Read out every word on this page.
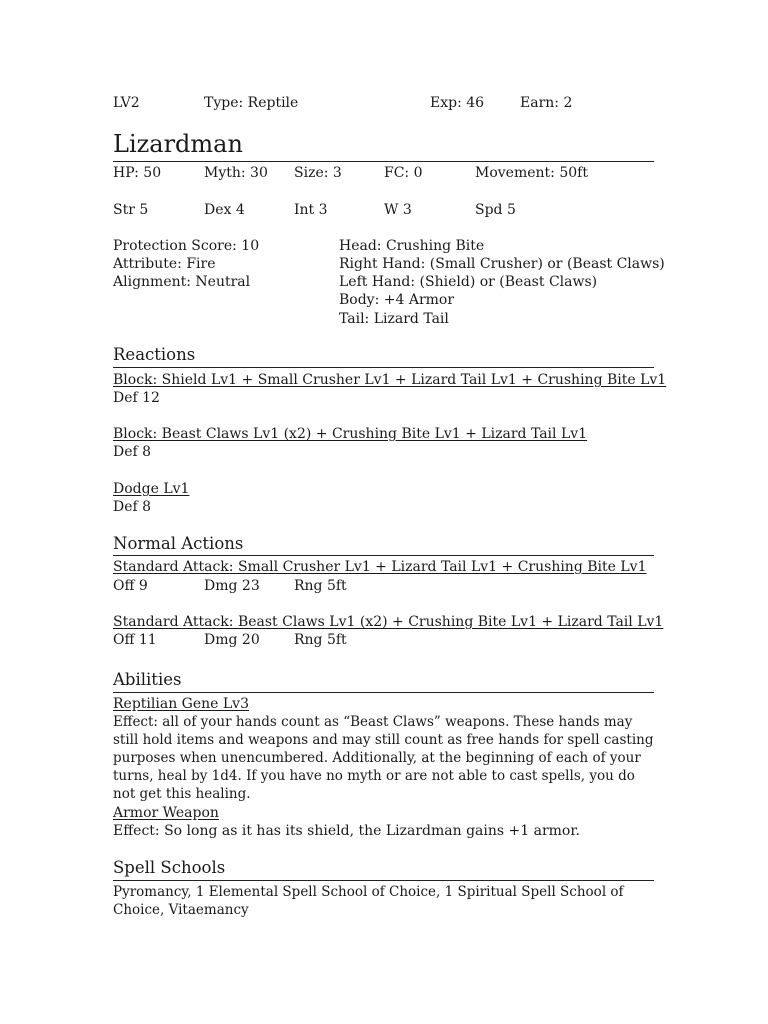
LV2	Type: Reptile	Exp: 46	Earn: 2
Lizardman
HP: 50	Myth: 30 Size: 3	FC: 0	Movement: 50ft
Str 5	Dex 4	Int 3	W 3	Spd 5
Protection Score: 10
Attribute: Fire
Alignment: Neutral
Head: Crushing Bite
Right Hand: (Small Crusher) or (Beast Claws)
Left Hand: (Shield) or (Beast Claws)
Body: +4 Armor
Tail: Lizard Tail
Reactions
Block: Shield Lv1 + Small Crusher Lv1 + Lizard Tail Lv1 + Crushing Bite Lv1
Def 12
Block: Beast Claws Lv1 (x2) + Crushing Bite Lv1 + Lizard Tail Lv1
Def 8
Dodge Lv1
Def 8
Normal Actions
Standard Attack: Small Crusher Lv1 + Lizard Tail Lv1 + Crushing Bite Lv1
Off 9	Dmg 23 Rng 5ft
Standard Attack: Beast Claws Lv1 (x2) + Crushing Bite Lv1 + Lizard Tail Lv1
Off 11	Dmg 20 Rng 5ft
Abilities
Reptilian Gene Lv3
Effect: all of your hands count as “Beast Claws” weapons. These hands may still hold items and weapons and may still count as free hands for spell casting purposes when unencumbered. Additionally, at the beginning of each of your turns, heal by 1d4. If you have no myth or are not able to cast spells, you do not get this healing.
Armor Weapon
Effect: So long as it has its shield, the Lizardman gains +1 armor.
Spell Schools
Pyromancy, 1 Elemental Spell School of Choice, 1 Spiritual Spell School of Choice, Vitaemancy
